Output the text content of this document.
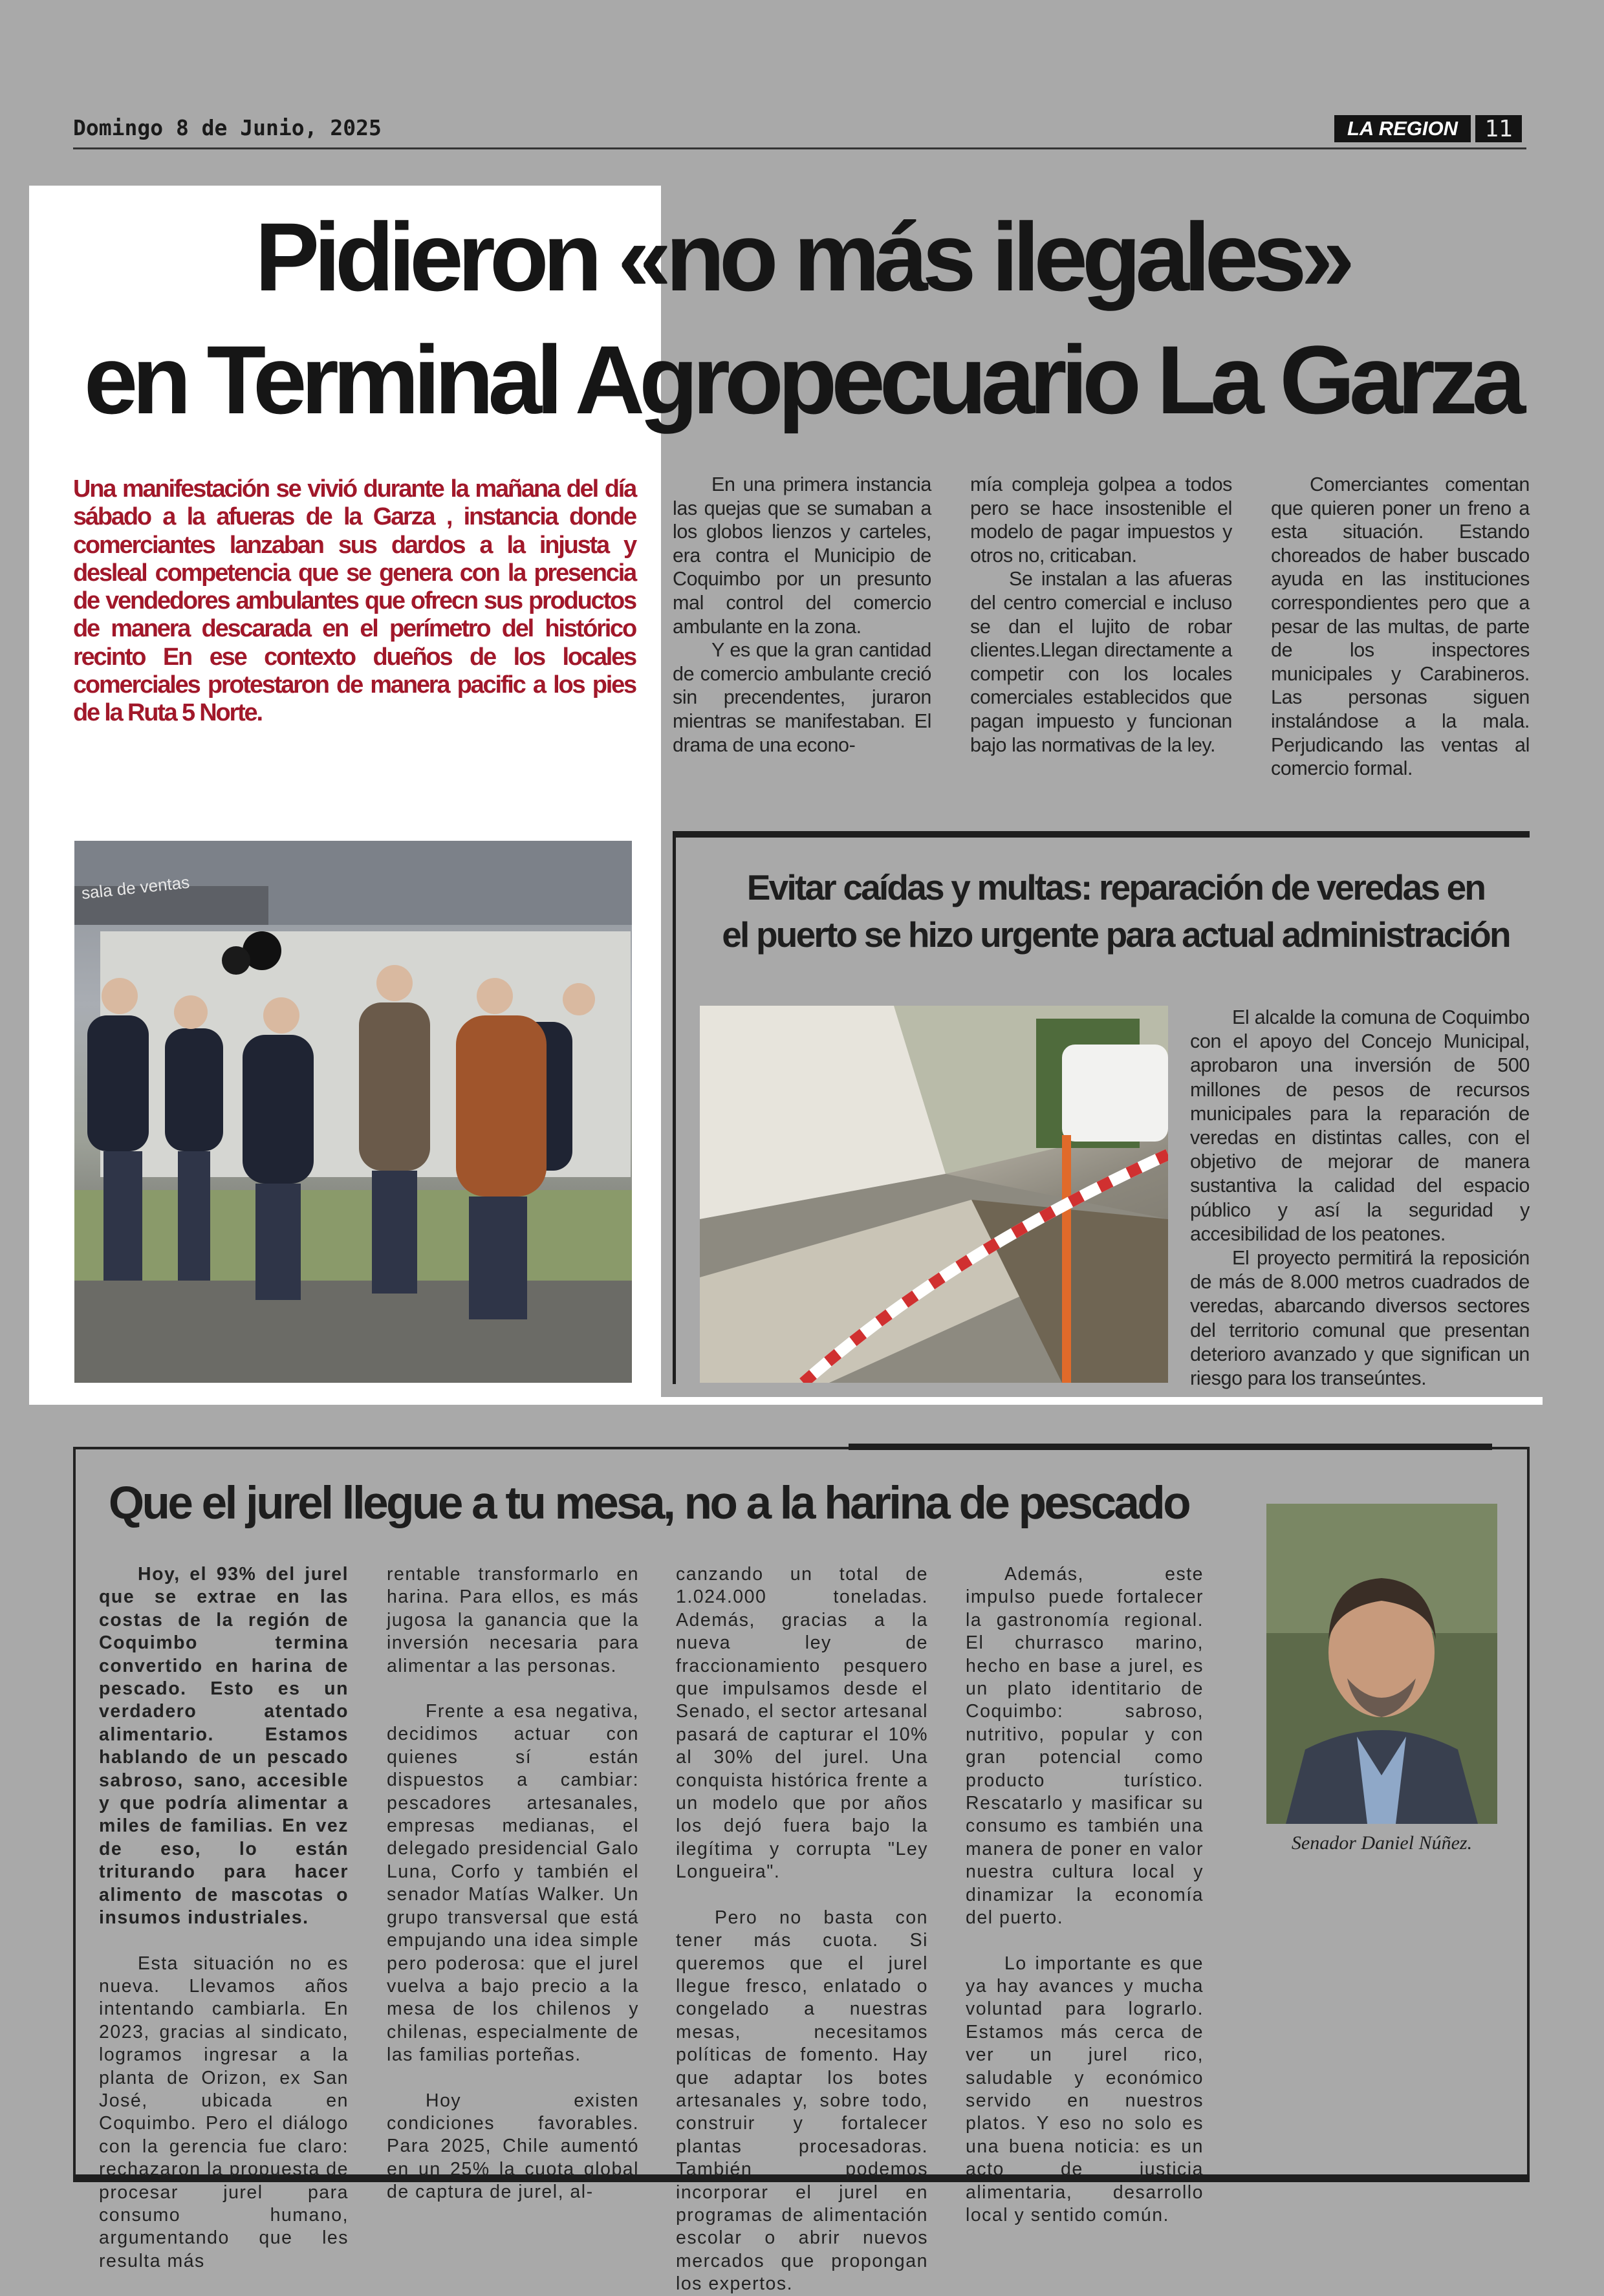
Domingo 8 de Junio, 2025	LA REGION	11
Pidieron «no más ilegales»
en Terminal Agropecuario La Garza
Una manifestación se vivió durante la mañana del día sábado a la afueras de la Garza , instancia donde comerciantes lanzaban sus dardos a la injusta y desleal competencia que se genera con la presencia de vendedores ambulantes que ofrecn sus productos de manera descarada en el perímetro del histórico recinto En ese contexto dueños de los locales comerciales protestaron de manera pacific a los pies de la Ruta 5 Norte.

En una primera instancia las quejas que se sumaban a los globos lienzos y carteles, era contra el Municipio de Coquimbo por un presunto mal control del comercio ambulante en la zona.

Y es que la gran cantidad de comercio ambulante creció sin precendentes, juraron mientras se manifestaban. El drama de una econo-

mía compleja golpea a todos pero se hace insostenible el modelo de pagar impuestos y otros no, criticaban.

Se instalan a las afueras del centro comercial e incluso se dan el lujito de robar clientes.Llegan directamente a competir con los locales comerciales establecidos que pagan impuesto y funcionan bajo las normativas de la ley.

Comerciantes comentan que quieren poner un freno a esta situación. Estando choreados de haber buscado ayuda en las instituciones correspondientes pero que a pesar de las multas, de parte de los inspectores municipales y Carabineros. Las personas siguen instalándose a la mala. Perjudicando las ventas al comercio formal.

sala de ventas	Evitar caídas y multas: reparación de veredas en
el puerto se hizo urgente para actual administración

El alcalde la comuna de Coquimbo con el apoyo del Concejo Municipal, aprobaron una inversión de 500 millones de pesos de recursos municipales para la reparación de veredas en distintas calles, con el objetivo de mejorar de manera sustantiva la calidad del espacio público y así la seguridad y accesibilidad de los peatones.

El proyecto permitirá la reposición de más de 8.000 metros cuadrados de veredas, abarcando diversos sectores del territorio comunal que presentan deterioro avanzado y que significan un riesgo para los transeúntes.

Que el jurel llegue a tu mesa, no a la harina de pescado

Hoy, el 93% del jurel que se extrae en las costas de la región de Coquimbo termina convertido en harina de pescado. Esto es un verdadero atentado alimentario. Estamos hablando de un pescado sabroso, sano, accesible y que podría alimentar a miles de familias. En vez de eso, lo están triturando para hacer alimento de mascotas o insumos industriales.

Esta situación no es nueva. Llevamos años intentando cambiarla. En 2023, gracias al sindicato, logramos ingresar a la planta de Orizon, ex San José, ubicada en Coquimbo. Pero el diálogo con la gerencia fue claro: rechazaron la propuesta de procesar jurel para consumo humano, argumentando que les resulta más

rentable transformarlo en harina. Para ellos, es más jugosa la ganancia que la inversión necesaria para alimentar a las personas.

Frente a esa negativa, decidimos actuar con quienes sí están dispuestos a cambiar: pescadores artesanales, empresas medianas, el delegado presidencial Galo Luna, Corfo y también el senador Matías Walker. Un grupo transversal que está empujando una idea simple pero poderosa: que el jurel vuelva a bajo precio a la mesa de los chilenos y chilenas, especialmente de las familias porteñas.

Hoy existen condiciones favorables. Para 2025, Chile aumentó en un 25% la cuota global de captura de jurel, al-

canzando un total de 1.024.000 toneladas. Además, gracias a la nueva ley de fraccionamiento pesquero que impulsamos desde el Senado, el sector artesanal pasará de capturar el 10% al 30% del jurel. Una conquista histórica frente a un modelo que por años los dejó fuera bajo la ilegítima y corrupta "Ley Longueira".

Pero no basta con tener más cuota. Si queremos que el jurel llegue fresco, enlatado o congelado a nuestras mesas, necesitamos políticas de fomento. Hay que adaptar los botes artesanales y, sobre todo, construir y fortalecer plantas procesadoras. También podemos incorporar el jurel en programas de alimentación escolar o abrir nuevos mercados que propongan los expertos.

Además, este impulso puede fortalecer la gastronomía regional. El churrasco marino, hecho en base a jurel, es un plato identitario de Coquimbo: sabroso, nutritivo, popular y con gran potencial como producto turístico. Rescatarlo y masificar su consumo es también una manera de poner en valor nuestra cultura local y dinamizar la economía del puerto.

Lo importante es que ya hay avances y mucha voluntad para lograrlo. Estamos más cerca de ver un jurel rico, saludable y económico servido en nuestros platos. Y eso no solo es una buena noticia: es un acto de justicia alimentaria, desarrollo local y sentido común.

Senador Daniel Núñez.
